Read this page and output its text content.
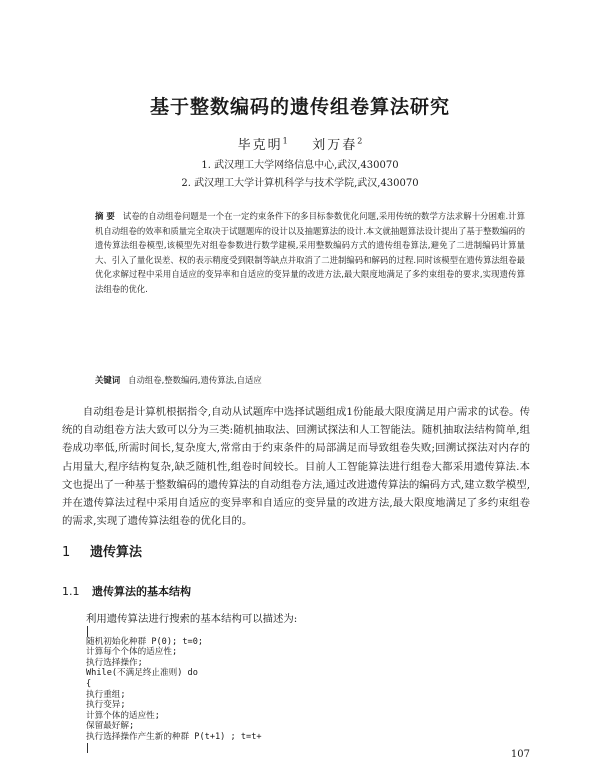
基于整数编码的遗传组卷算法研究
毕克明$^1$ 刘万春$^2$
1. 武汉理工大学网络信息中心,武汉,430070
2. 武汉理工大学计算机科学与技术学院,武汉,430070
摘 要 试卷的自动组卷问题是一个在一定约束条件下的多目标参数优化问题,采用传统的数学方法求解十分困难.计算机自动组卷的效率和质量完全取决于试题题库的设计以及抽题算法的设计.本文就抽题算法设计提出了基于整数编码的遗传算法组卷模型,该模型先对组卷参数进行数学建模,采用整数编码方式的遗传组卷算法,避免了二进制编码计算量大、引入了量化误差、权的表示精度受到限制等缺点并取消了二进制编码和解码的过程.同时该模型在遗传算法组卷最优化求解过程中采用自适应的变异率和自适应的变异量的改进方法,最大限度地满足了多约束组卷的要求,实现遗传算法组卷的优化.
关键词 自动组卷,整数编码,遗传算法,自适应

自动组卷是计算机根据指令,自动从试题库中选择试题组成1份能最大限度满足用户需求的试卷。传统的自动组卷方法大致可以分为三类:随机抽取法、回溯试探法和人工智能法。随机抽取法结构简单,组卷成功率低,所需时间长,复杂度大,常常由于约束条件的局部满足而导致组卷失败;回溯试探法对内存的占用量大,程序结构复杂,缺乏随机性,组卷时间较长。目前人工智能算法进行组卷大都采用遗传算法.本文也提出了一种基于整数编码的遗传算法的自动组卷方法,通过改进遗传算法的编码方式,建立数学模型,并在遗传算法过程中采用自适应的变异率和自适应的变异量的改进方法,最大限度地满足了多约束组卷的需求,实现了遗传算法组卷的优化目的。

1 遗传算法
1.1 遗传算法的基本结构
利用遗传算法进行搜索的基本结构可以描述为:
随机初始化种群 P(0); t=0;
计算每个个体的适应性;
执行选择操作;
While(不满足终止准则) do
{
执行重组;
执行变异;
计算个体的适应性;
保留最好解;
执行选择操作产生新的种群 P(t+1) ; t=t+
107
